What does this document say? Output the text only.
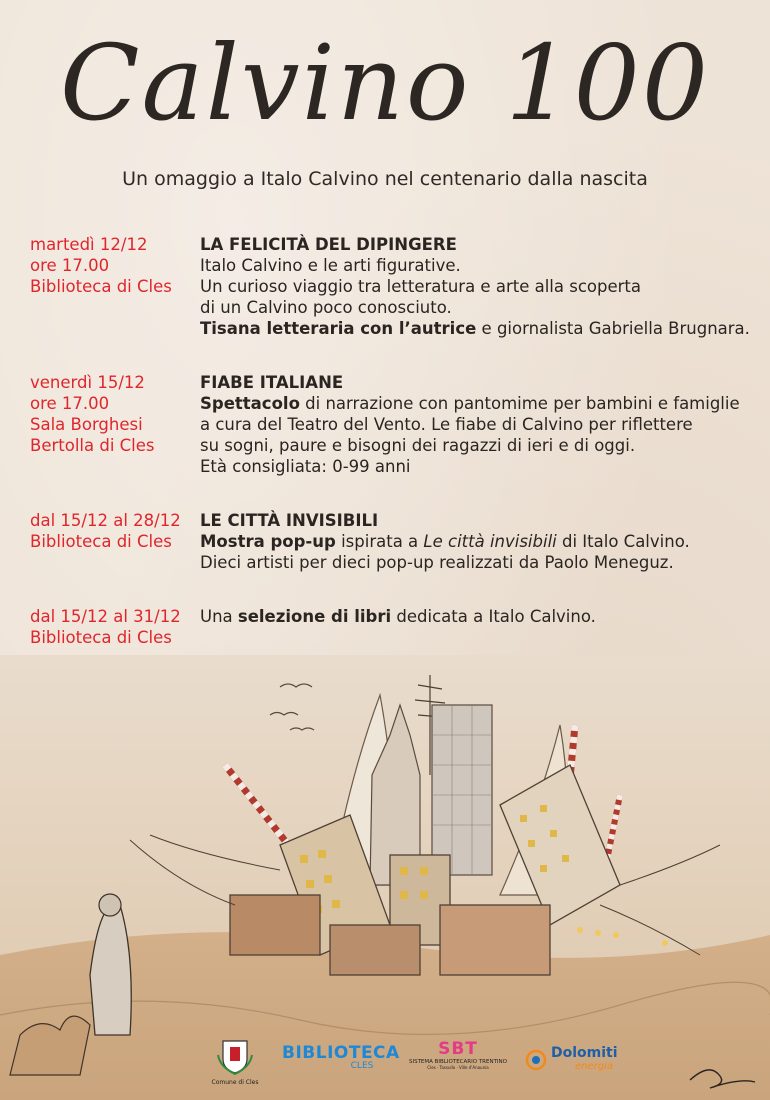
Calvino 100
Un omaggio a Italo Calvino nel centenario dalla nascita
martedì 12/12
ore 17.00
Biblioteca di Cles
LA FELICITÀ DEL DIPINGERE
Italo Calvino e le arti figurative.
Un curioso viaggio tra letteratura e arte alla scoperta
di un Calvino poco conosciuto.
Tisana letteraria con l’autrice e giornalista Gabriella Brugnara.
venerdì 15/12
ore 17.00
Sala Borghesi
Bertolla di Cles
FIABE ITALIANE
Spettacolo di narrazione con pantomime per bambini e famiglie
a cura del Teatro del Vento. Le fiabe di Calvino per riflettere
su sogni, paure e bisogni dei ragazzi di ieri e di oggi.
Età consigliata: 0-99 anni
dal 15/12 al 28/12
Biblioteca di Cles
LE CITTÀ INVISIBILI
Mostra pop-up ispirata a Le città invisibili di Italo Calvino.
Dieci artisti per dieci pop-up realizzati da Paolo Meneguz.
dal 15/12 al 31/12
Biblioteca di Cles
Una selezione di libri dedicata a Italo Calvino.
Comune di Cles
BIBLIOTECA
CLES
SBT
SISTEMA BIBLIOTECARIO TRENTINO
Cles · Tassullo · Ville d'Anaunia
Dolomiti
energia
